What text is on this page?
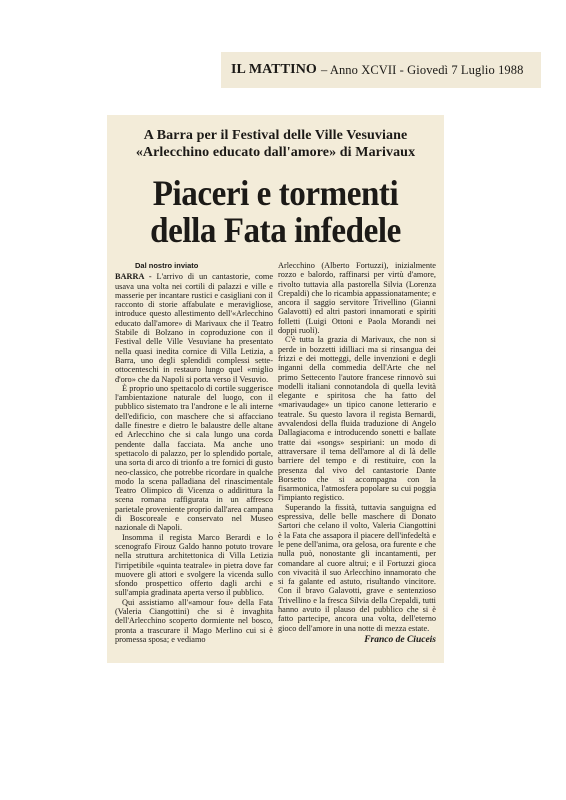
IL MATTINO – Anno XCVII - Giovedì 7 Luglio 1988
A Barra per il Festival delle Ville Vesuviane
«Arlecchino educato dall'amore» di Marivaux
Piaceri e tormenti
della Fata infedele
Dal nostro inviato

BARRA - L'arrivo di un cantastorie, come usava una volta nei cortili di palazzi e ville e masserie per incantare rustici e casigliani con il racconto di storie affabulate e meravigliose, introduce questo allestimento dell'«Arlecchino educato dall'amore» di Marivaux che il Teatro Stabile di Bolzano in coproduzione con il Festival delle Ville Vesuviane ha presentato nella quasi inedita cornice di Villa Letizia, a Barra, uno degli splendidi complessi sette-ottocenteschi in restauro lungo quel «miglio d'oro» che da Napoli si porta verso il Vesuvio.

È proprio uno spettacolo di cortile suggerisce l'ambientazione naturale del luogo, con il pubblico sistemato tra l'androne e le ali interne dell'edificio, con maschere che si affacciano dalle finestre e dietro le balaustre delle altane ed Arlecchino che si cala lungo una corda pendente dalla facciata. Ma anche uno spettacolo di palazzo, per lo splendido portale, una sorta di arco di trionfo a tre fornici di gusto neo-classico, che potrebbe ricordare in qualche modo la scena palladiana del rinascimentale Teatro Olimpico di Vicenza o addirittura la scena romana raffigurata in un affresco parietale proveniente proprio dall'area campana di Boscoreale e conservato nel Museo nazionale di Napoli.

Insomma il regista Marco Berardi e lo scenografo Firouz Galdo hanno potuto trovare nella struttura architettonica di Villa Letizia l'irripetibile «quinta teatrale» in pietra dove far muovere gli attori e svolgere la vicenda sullo sfondo prospettico offerto dagli archi e sull'ampia gradinata aperta verso il pubblico.

Qui assistiamo all'«amour fou» della Fata (Valeria Ciangottini) che si è invaghita dell'Arlecchino scoperto dormiente nel bosco, pronta a trascurare il Mago Merlino cui si è promessa sposa; e vediamo

Arlecchino (Alberto Fortuzzi), inizialmente rozzo e balordo, raffinarsi per virtù d'amore, rivolto tuttavia alla pastorella Silvia (Lorenza Crepaldi) che lo ricambia appassionatamente; e ancora il saggio servitore Trivellino (Gianni Galavotti) ed altri pastori innamorati e spiriti folletti (Luigi Ottoni e Paola Morandi nei doppi ruoli).

C'è tutta la grazia di Marivaux, che non si perde in bozzetti idilliaci ma si rinsangua dei frizzi e dei motteggi, delle invenzioni e degli inganni della commedia dell'Arte che nel primo Settecento l'autore francese rinnovò sui modelli italiani connotandola di quella levità elegante e spiritosa che ha fatto del «marivaudage» un tipico canone letterario e teatrale. Su questo lavora il regista Bernardi, avvalendosi della fluida traduzione di Angelo Dallagiacoma e introducendo sonetti e ballate tratte dai «songs» sespiriani: un modo di attraversare il tema dell'amore al di là delle barriere del tempo e di restituire, con la presenza dal vivo del cantastorie Dante Borsetto che si accompagna con la fisarmonica, l'atmosfera popolare su cui poggia l'impianto registico.

Superando la fissità, tuttavia sanguigna ed espressiva, delle belle maschere di Donato Sartori che celano il volto, Valeria Ciangottini è la Fata che assapora il piacere dell'infedeltà e le pene dell'anima, ora gelosa, ora furente e che nulla può, nonostante gli incantamenti, per comandare al cuore altrui; e il Fortuzzi gioca con vivacità il suo Arlecchino innamorato che si fa galante ed astuto, risultando vincitore. Con il bravo Galavotti, grave e sentenzioso Trivellino e la fresca Silvia della Crepaldi, tutti hanno avuto il plauso del pubblico che si è fatto partecipe, ancora una volta, dell'eterno gioco dell'amore in una notte di mezza estate.

Franco de Ciuceis
